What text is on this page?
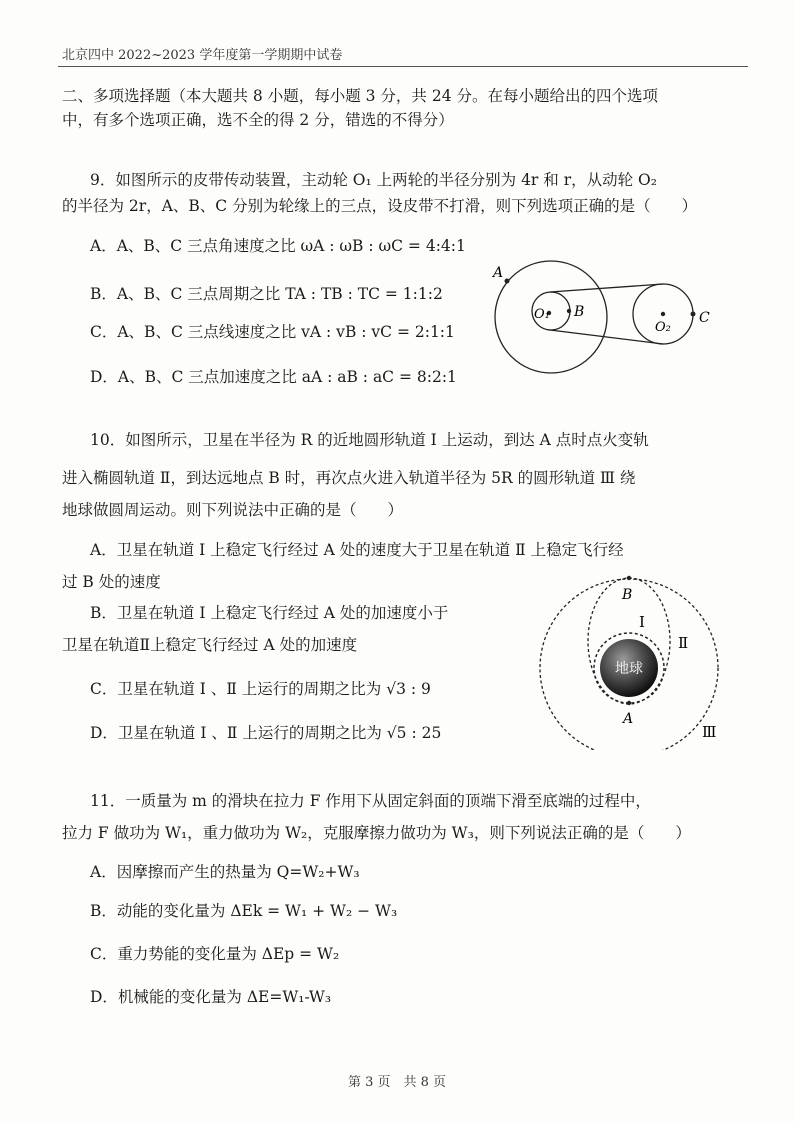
北京四中 2022~2023 学年度第一学期期中试卷
二、多项选择题（本大题共 8 小题，每小题 3 分，共 24 分。在每小题给出的四个选项
中，有多个选项正确，选不全的得 2 分，错选的不得分）
9．如图所示的皮带传动装置，主动轮 O₁ 上两轮的半径分别为 4r 和 r，从动轮 O₂
的半径为 2r，A、B、C 分别为轮缘上的三点，设皮带不打滑，则下列选项正确的是（　　）
A．A、B、C 三点角速度之比 ωA : ωB : ωC = 4:4:1
B．A、B、C 三点周期之比 TA : TB : TC = 1:1:2
C．A、B、C 三点线速度之比 vA : vB : vC = 2:1:1
D．A、B、C 三点加速度之比 aA : aB : aC = 8:2:1
A
O₁ B
O₂
C
10．如图所示，卫星在半径为 R 的近地圆形轨道 Ⅰ 上运动，到达 A 点时点火变轨
进入椭圆轨道 Ⅱ，到达远地点 B 时，再次点火进入轨道半径为 5R 的圆形轨道 Ⅲ 绕
地球做圆周运动。则下列说法中正确的是（　　）
A．卫星在轨道 Ⅰ 上稳定飞行经过 A 处的速度大于卫星在轨道 Ⅱ 上稳定飞行经
过 B 处的速度
B．卫星在轨道 Ⅰ 上稳定飞行经过 A 处的加速度小于
卫星在轨道Ⅱ上稳定飞行经过 A 处的加速度
C．卫星在轨道 Ⅰ 、Ⅱ 上运行的周期之比为 √3 : 9
D．卫星在轨道 Ⅰ 、Ⅱ 上运行的周期之比为 √5 : 25
B
Ⅰ
Ⅱ
地球
A
Ⅲ
11．一质量为 m 的滑块在拉力 F 作用下从固定斜面的顶端下滑至底端的过程中，
拉力 F 做功为 W₁，重力做功为 W₂，克服摩擦力做功为 W₃，则下列说法正确的是（　　）
A．因摩擦而产生的热量为 Q=W₂+W₃
B．动能的变化量为 ΔEk = W₁ + W₂ − W₃
C．重力势能的变化量为 ΔEp = W₂
D．机械能的变化量为 ΔE=W₁-W₃
第 3 页　共 8 页
